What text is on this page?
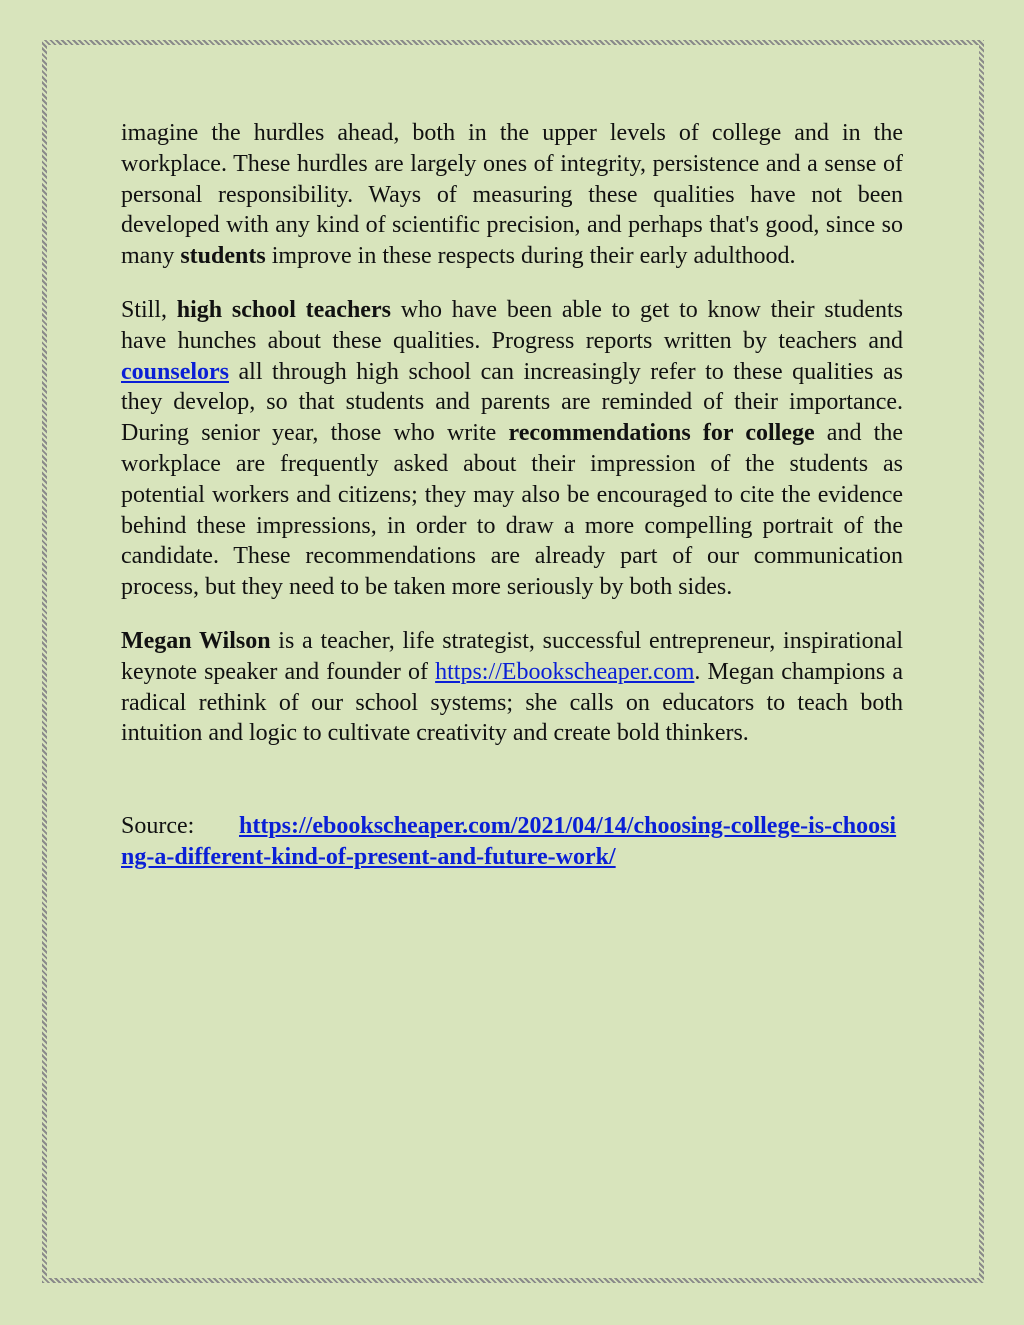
imagine the hurdles ahead, both in the upper levels of college and in the workplace. These hurdles are largely ones of integrity, persistence and a sense of personal responsibility. Ways of measuring these qualities have not been developed with any kind of scientific precision, and perhaps that's good, since so many students improve in these respects during their early adulthood.

Still, high school teachers who have been able to get to know their students have hunches about these qualities. Progress reports written by teachers and counselors all through high school can increasingly refer to these qualities as they develop, so that students and parents are reminded of their importance. During senior year, those who write recommendations for college and the workplace are frequently asked about their impression of the students as potential workers and citizens; they may also be encouraged to cite the evidence behind these impressions, in order to draw a more compelling portrait of the candidate. These recommendations are already part of our communication process, but they need to be taken more seriously by both sides.

Megan Wilson is a teacher, life strategist, successful entrepreneur, inspirational keynote speaker and founder of https://Ebookscheaper.com. Megan champions a radical rethink of our school systems; she calls on educators to teach both intuition and logic to cultivate creativity and create bold thinkers.

Source: https://ebookscheaper.com/2021/04/14/choosing-college-is-choosing-a-different-kind-of-present-and-future-work/
